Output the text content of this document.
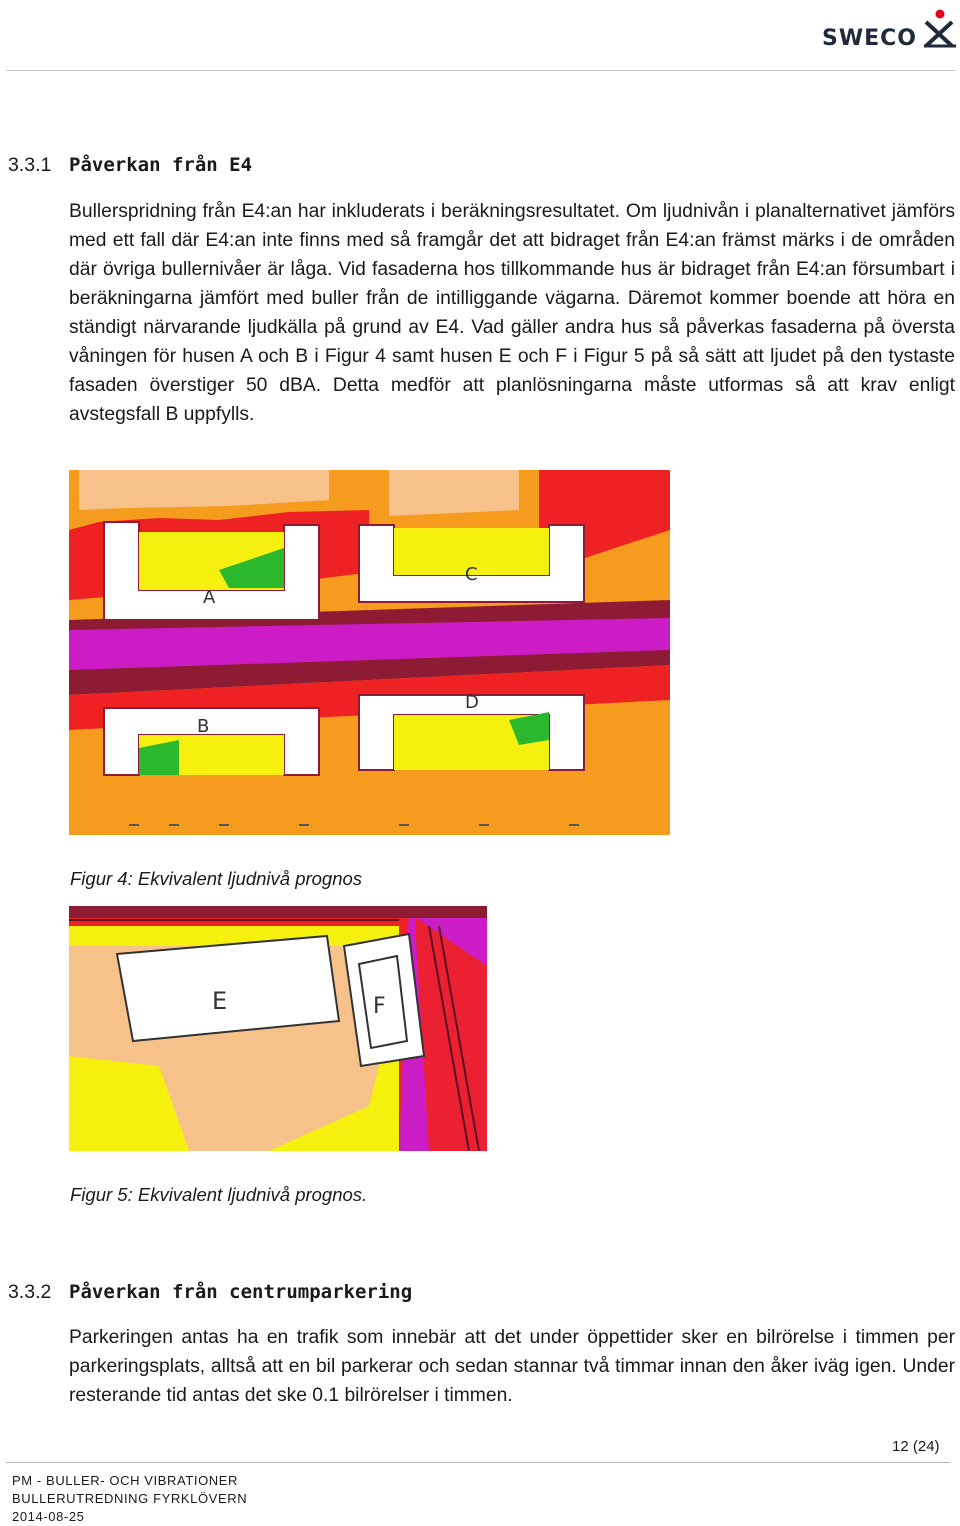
SWECO
3.3.1 Påverkan från E4

Bullerspridning från E4:an har inkluderats i beräkningsresultatet. Om ljudnivån i planalternativet jämförs med ett fall där E4:an inte finns med så framgår det att bidraget från E4:an främst märks i de områden där övriga bullernivåer är låga. Vid fasaderna hos tillkommande hus är bidraget från E4:an försumbart i beräkningarna jämfört med buller från de intilliggande vägarna. Däremot kommer boende att höra en ständigt närvarande ljudkälla på grund av E4. Vad gäller andra hus så påverkas fasaderna på översta våningen för husen A och B i Figur 4 samt husen E och F i Figur 5 på så sätt att ljudet på den tystaste fasaden överstiger 50 dBA. Detta medför att planlösningarna måste utformas så att krav enligt avstegsfall B uppfylls.

A
C
B
D
Figur 4: Ekvivalent ljudnivå prognos
E	F
Figur 5: Ekvivalent ljudnivå prognos.
3.3.2 Påverkan från centrumparkering

Parkeringen antas ha en trafik som innebär att det under öppettider sker en bilrörelse i timmen per parkeringsplats, alltså att en bil parkerar och sedan stannar två timmar innan den åker iväg igen. Under resterande tid antas det ske 0.1 bilrörelser i timmen.

12 (24)
PM - BULLER- OCH VIBRATIONER
BULLERUTREDNING FYRKLÖVERN
2014-08-25
